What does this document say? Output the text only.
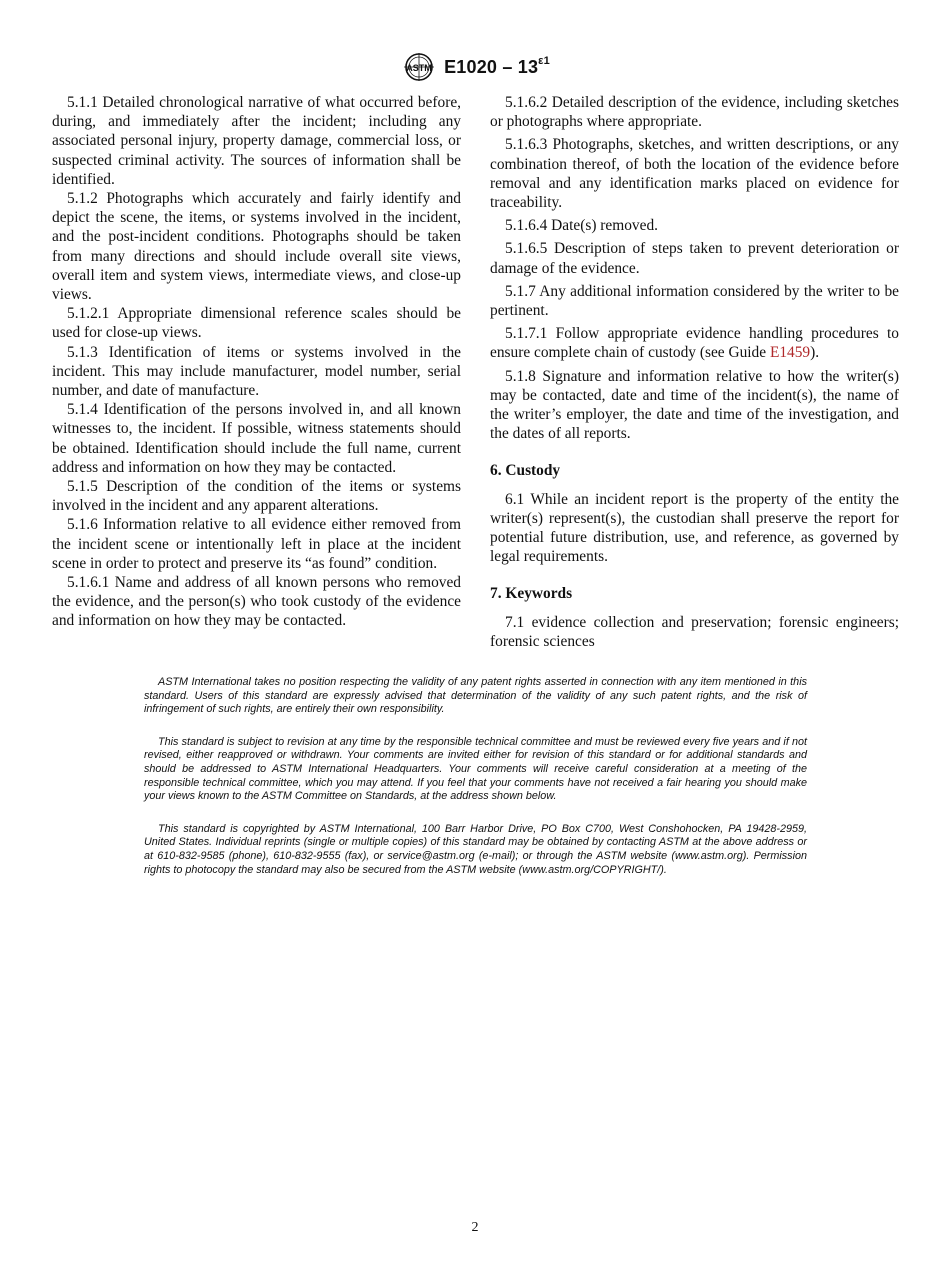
ASTM $E1020 - 13^{\varepsilon 1}$

5.1.1 Detailed chronological narrative of what occurred before, during, and immediately after the incident; including any associated personal injury, property damage, commercial loss, or suspected criminal activity. The sources of information shall be identified.

5.1.2 Photographs which accurately and fairly identify and depict the scene, the items, or systems involved in the incident, and the post-incident conditions. Photographs should be taken from many directions and should include overall site views, overall item and system views, intermediate views, and close-up views.

5.1.2.1 Appropriate dimensional reference scales should be used for close-up views.

5.1.3 Identification of items or systems involved in the incident. This may include manufacturer, model number, serial number, and date of manufacture.

5.1.4 Identification of the persons involved in, and all known witnesses to, the incident. If possible, witness statements should be obtained. Identification should include the full name, current address and information on how they may be contacted.

5.1.5 Description of the condition of the items or systems involved in the incident and any apparent alterations.

5.1.6 Information relative to all evidence either removed from the incident scene or intentionally left in place at the incident scene in order to protect and preserve its “as found” condition.

5.1.6.1 Name and address of all known persons who removed the evidence, and the person(s) who took custody of the evidence and information on how they may be contacted.

5.1.6.2 Detailed description of the evidence, including sketches or photographs where appropriate.

5.1.6.3 Photographs, sketches, and written descriptions, or any combination thereof, of both the location of the evidence before removal and any identification marks placed on evidence for traceability.

5.1.6.4 Date(s) removed.

5.1.6.5 Description of steps taken to prevent deterioration or damage of the evidence.

5.1.7 Any additional information considered by the writer to be pertinent.

5.1.7.1 Follow appropriate evidence handling procedures to ensure complete chain of custody (see Guide E1459).

5.1.8 Signature and information relative to how the writer(s) may be contacted, date and time of the incident(s), the name of the writer’s employer, the date and time of the investigation, and the dates of all reports.

6. Custody

6.1 While an incident report is the property of the entity the writer(s) represent(s), the custodian shall preserve the report for potential future distribution, use, and reference, as governed by legal requirements.

7. Keywords

7.1 evidence collection and preservation; forensic engineers; forensic sciences

ASTM International takes no position respecting the validity of any patent rights asserted in connection with any item mentioned in this standard. Users of this standard are expressly advised that determination of the validity of any such patent rights, and the risk of infringement of such rights, are entirely their own responsibility.

This standard is subject to revision at any time by the responsible technical committee and must be reviewed every five years and if not revised, either reapproved or withdrawn. Your comments are invited either for revision of this standard or for additional standards and should be addressed to ASTM International Headquarters. Your comments will receive careful consideration at a meeting of the responsible technical committee, which you may attend. If you feel that your comments have not received a fair hearing you should make your views known to the ASTM Committee on Standards, at the address shown below.

This standard is copyrighted by ASTM International, 100 Barr Harbor Drive, PO Box C700, West Conshohocken, PA 19428-2959, United States. Individual reprints (single or multiple copies) of this standard may be obtained by contacting ASTM at the above address or at 610-832-9585 (phone), 610-832-9555 (fax), or service@astm.org (e-mail); or through the ASTM website (www.astm.org). Permission rights to photocopy the standard may also be secured from the ASTM website (www.astm.org/COPYRIGHT/).

2
